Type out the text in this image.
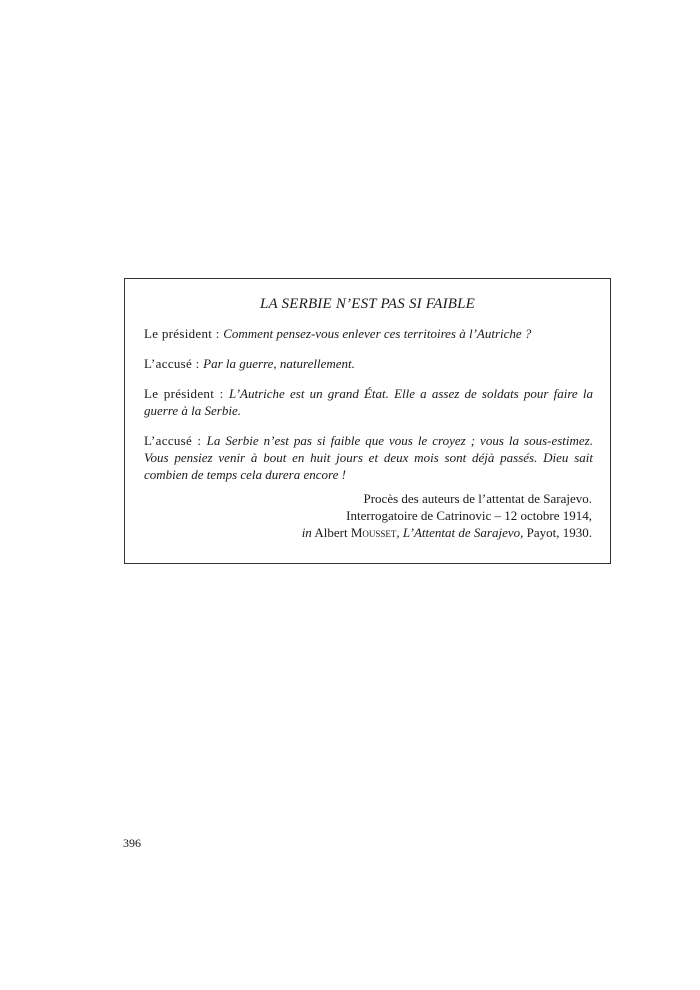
LA SERBIE N’EST PAS SI FAIBLE

Le président : Comment pensez-vous enlever ces territoires à l’Autriche ?

L’accusé : Par la guerre, naturellement.

Le président : L’Autriche est un grand État. Elle a assez de soldats pour faire la guerre à la Serbie.

L’accusé : La Serbie n’est pas si faible que vous le croyez ; vous la sous-estimez. Vous pensiez venir à bout en huit jours et deux mois sont déjà passés. Dieu sait combien de temps cela durera encore !

Procès des auteurs de l’attentat de Sarajevo.
Interrogatoire de Catrinovic – 12 octobre 1914,
in Albert Mousset, L’Attentat de Sarajevo, Payot, 1930.
396
